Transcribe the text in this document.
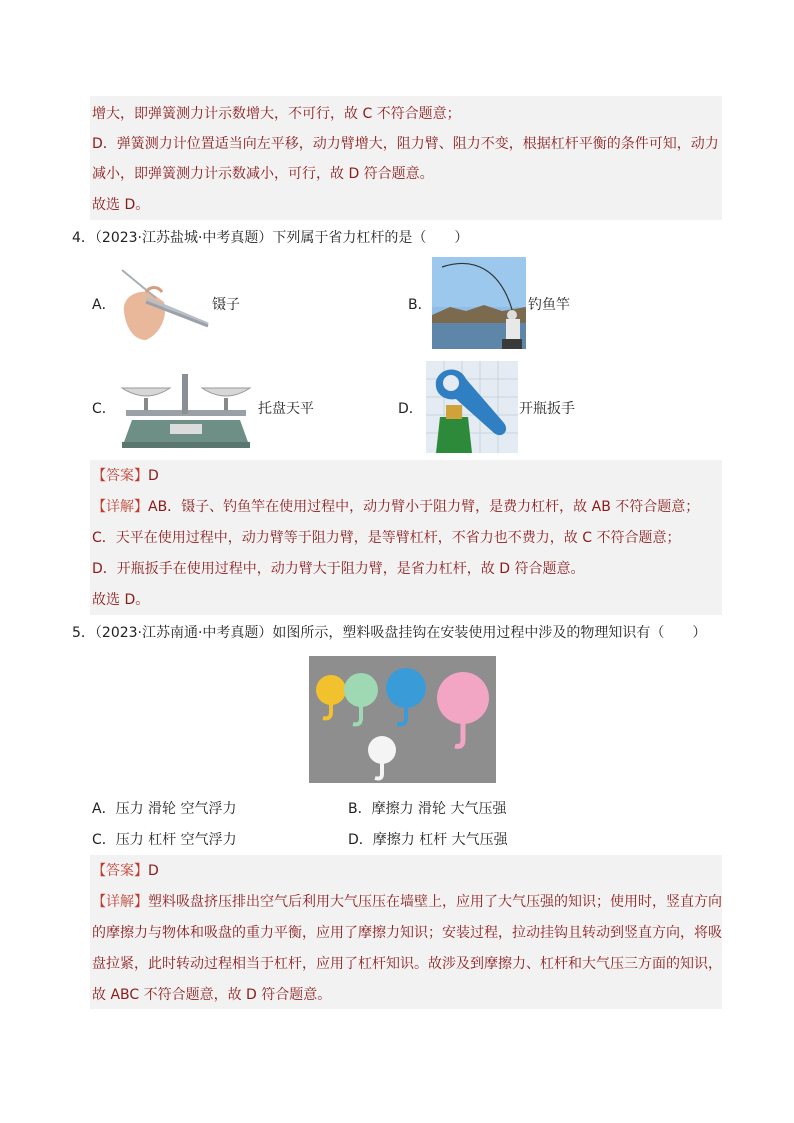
增大，即弹簧测力计示数增大，不可行，故 C 不符合题意；
D．弹簧测力计位置适当向左平移，动力臂增大，阻力臂、阻力不变，根据杠杆平衡的条件可知，动力
减小，即弹簧测力计示数减小，可行，故 D 符合题意。
故选 D。
4．（2023·江苏盐城·中考真题）下列属于省力杠杆的是（　　）
A．	镊子	B．	钓鱼竿
C．	托盘天平	D．	开瓶扳手
【答案】D
【详解】AB．镊子、钓鱼竿在使用过程中，动力臂小于阻力臂，是费力杠杆，故 AB 不符合题意；
C．天平在使用过程中，动力臂等于阻力臂，是等臂杠杆，不省力也不费力，故 C 不符合题意；
D．开瓶扳手在使用过程中，动力臂大于阻力臂，是省力杠杆，故 D 符合题意。
故选 D。
5．（2023·江苏南通·中考真题）如图所示，塑料吸盘挂钩在安装使用过程中涉及的物理知识有（　　）
A．压力 滑轮 空气浮力	B．摩擦力 滑轮 大气压强
C．压力 杠杆 空气浮力	D．摩擦力 杠杆 大气压强
【答案】D
【详解】塑料吸盘挤压排出空气后利用大气压压在墙壁上，应用了大气压强的知识；使用时，竖直方向
的摩擦力与物体和吸盘的重力平衡，应用了摩擦力知识；安装过程，拉动挂钩且转动到竖直方向，将吸
盘拉紧，此时转动过程相当于杠杆，应用了杠杆知识。故涉及到摩擦力、杠杆和大气压三方面的知识，
故 ABC 不符合题意，故 D 符合题意。
